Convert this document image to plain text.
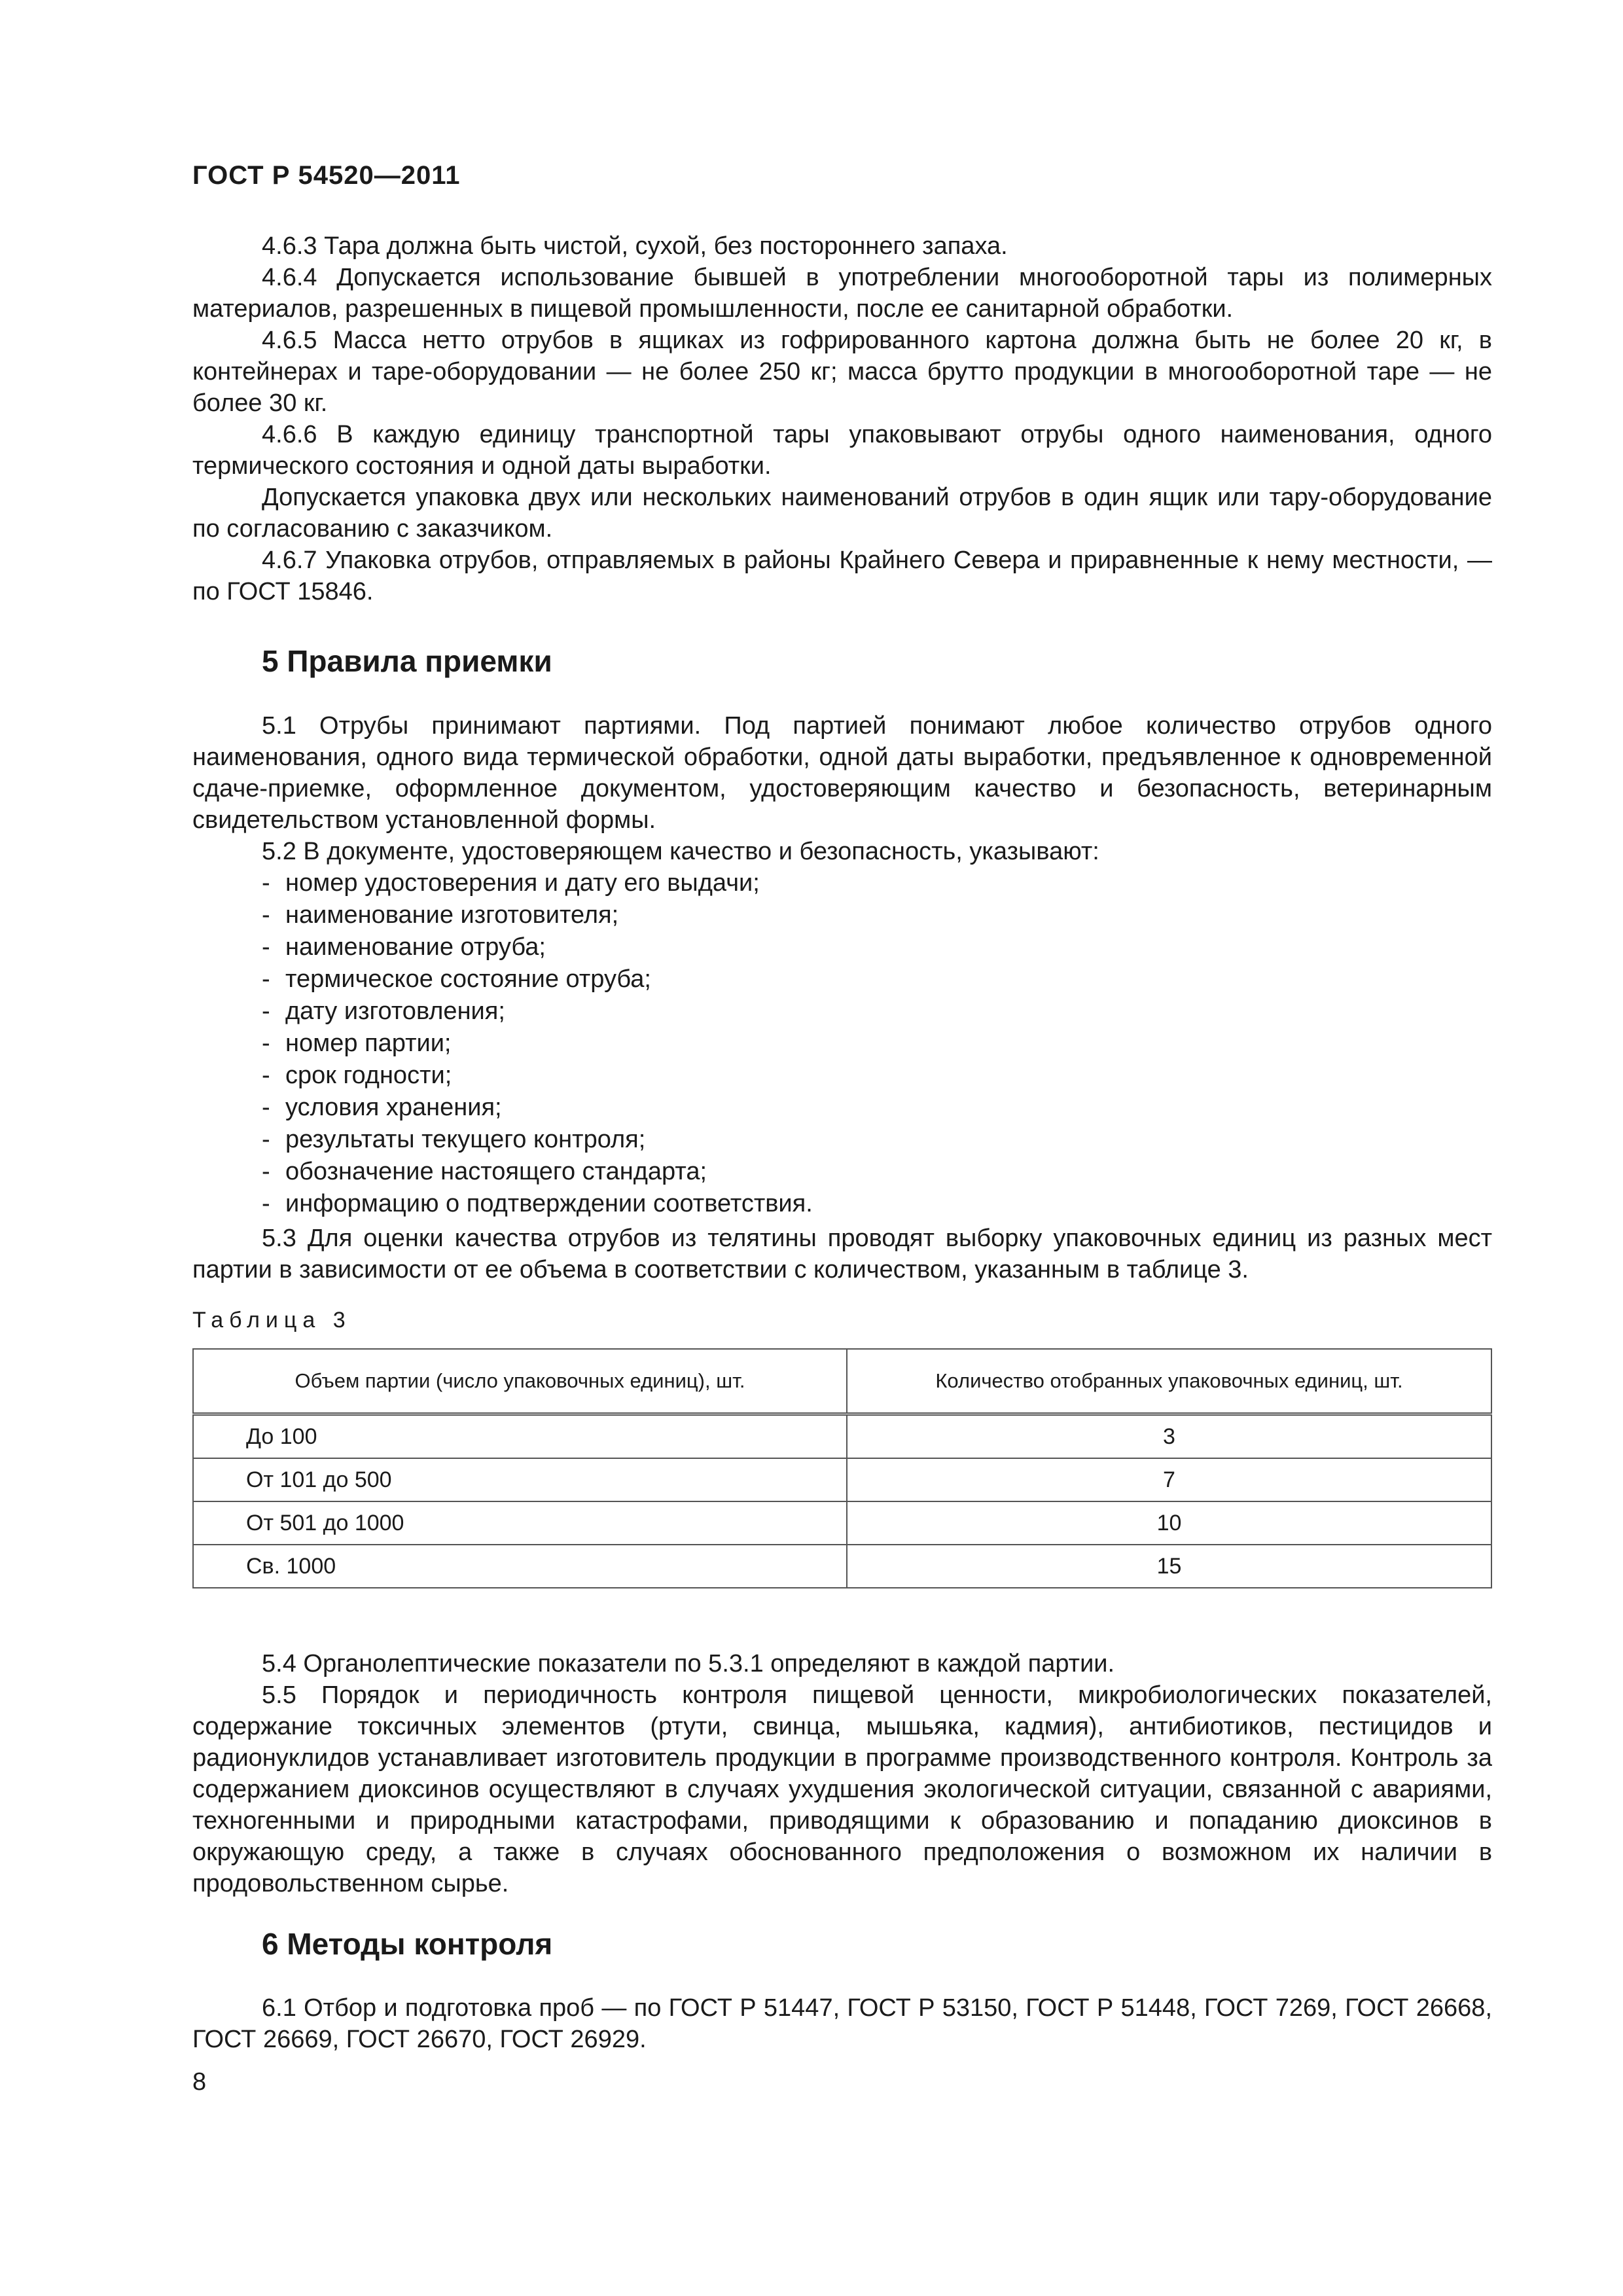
ГОСТ Р 54520—2011

4.6.3 Тара должна быть чистой, сухой, без постороннего запаха.

4.6.4 Допускается использование бывшей в употреблении многооборотной тары из полимерных материалов, разрешенных в пищевой промышленности, после ее санитарной обработки.

4.6.5 Масса нетто отрубов в ящиках из гофрированного картона должна быть не более 20 кг, в контейнерах и таре-оборудовании — не более 250 кг; масса брутто продукции в многооборотной таре — не более 30 кг.

4.6.6 В каждую единицу транспортной тары упаковывают отрубы одного наименования, одного термического состояния и одной даты выработки.

Допускается упаковка двух или нескольких наименований отрубов в один ящик или тару-оборудование по согласованию с заказчиком.

4.6.7 Упаковка отрубов, отправляемых в районы Крайнего Севера и приравненные к нему местности, — по ГОСТ 15846.

5 Правила приемки

5.1 Отрубы принимают партиями. Под партией понимают любое количество отрубов одного наименования, одного вида термической обработки, одной даты выработки, предъявленное к одновременной сдаче-приемке, оформленное документом, удостоверяющим качество и безопасность, ветеринарным свидетельством установленной формы.

5.2 В документе, удостоверяющем качество и безопасность, указывают:

- номер удостоверения и дату его выдачи;
- наименование изготовителя;
- наименование отруба;
- термическое состояние отруба;
- дату изготовления;
- номер партии;
- срок годности;
- условия хранения;
- результаты текущего контроля;
- обозначение настоящего стандарта;
- информацию о подтверждении соответствия.

5.3 Для оценки качества отрубов из телятины проводят выборку упаковочных единиц из разных мест партии в зависимости от ее объема в соответствии с количеством, указанным в таблице 3.

Таблица 3
Объем партии (число упаковочных единиц), шт.	Количество отобранных упаковочных единиц, шт.
До 100	3
От 101 до 500	7
От 501 до 1000	10
Св. 1000	15

5.4 Органолептические показатели по 5.3.1 определяют в каждой партии.

5.5 Порядок и периодичность контроля пищевой ценности, микробиологических показателей, содержание токсичных элементов (ртути, свинца, мышьяка, кадмия), антибиотиков, пестицидов и радионуклидов устанавливает изготовитель продукции в программе производственного контроля. Контроль за содержанием диоксинов осуществляют в случаях ухудшения экологической ситуации, связанной с авариями, техногенными и природными катастрофами, приводящими к образованию и попаданию диоксинов в окружающую среду, а также в случаях обоснованного предположения о возможном их наличии в продовольственном сырье.

6 Методы контроля

6.1 Отбор и подготовка проб — по ГОСТ Р 51447, ГОСТ Р 53150, ГОСТ Р 51448, ГОСТ 7269, ГОСТ 26668, ГОСТ 26669, ГОСТ 26670, ГОСТ 26929.

8
